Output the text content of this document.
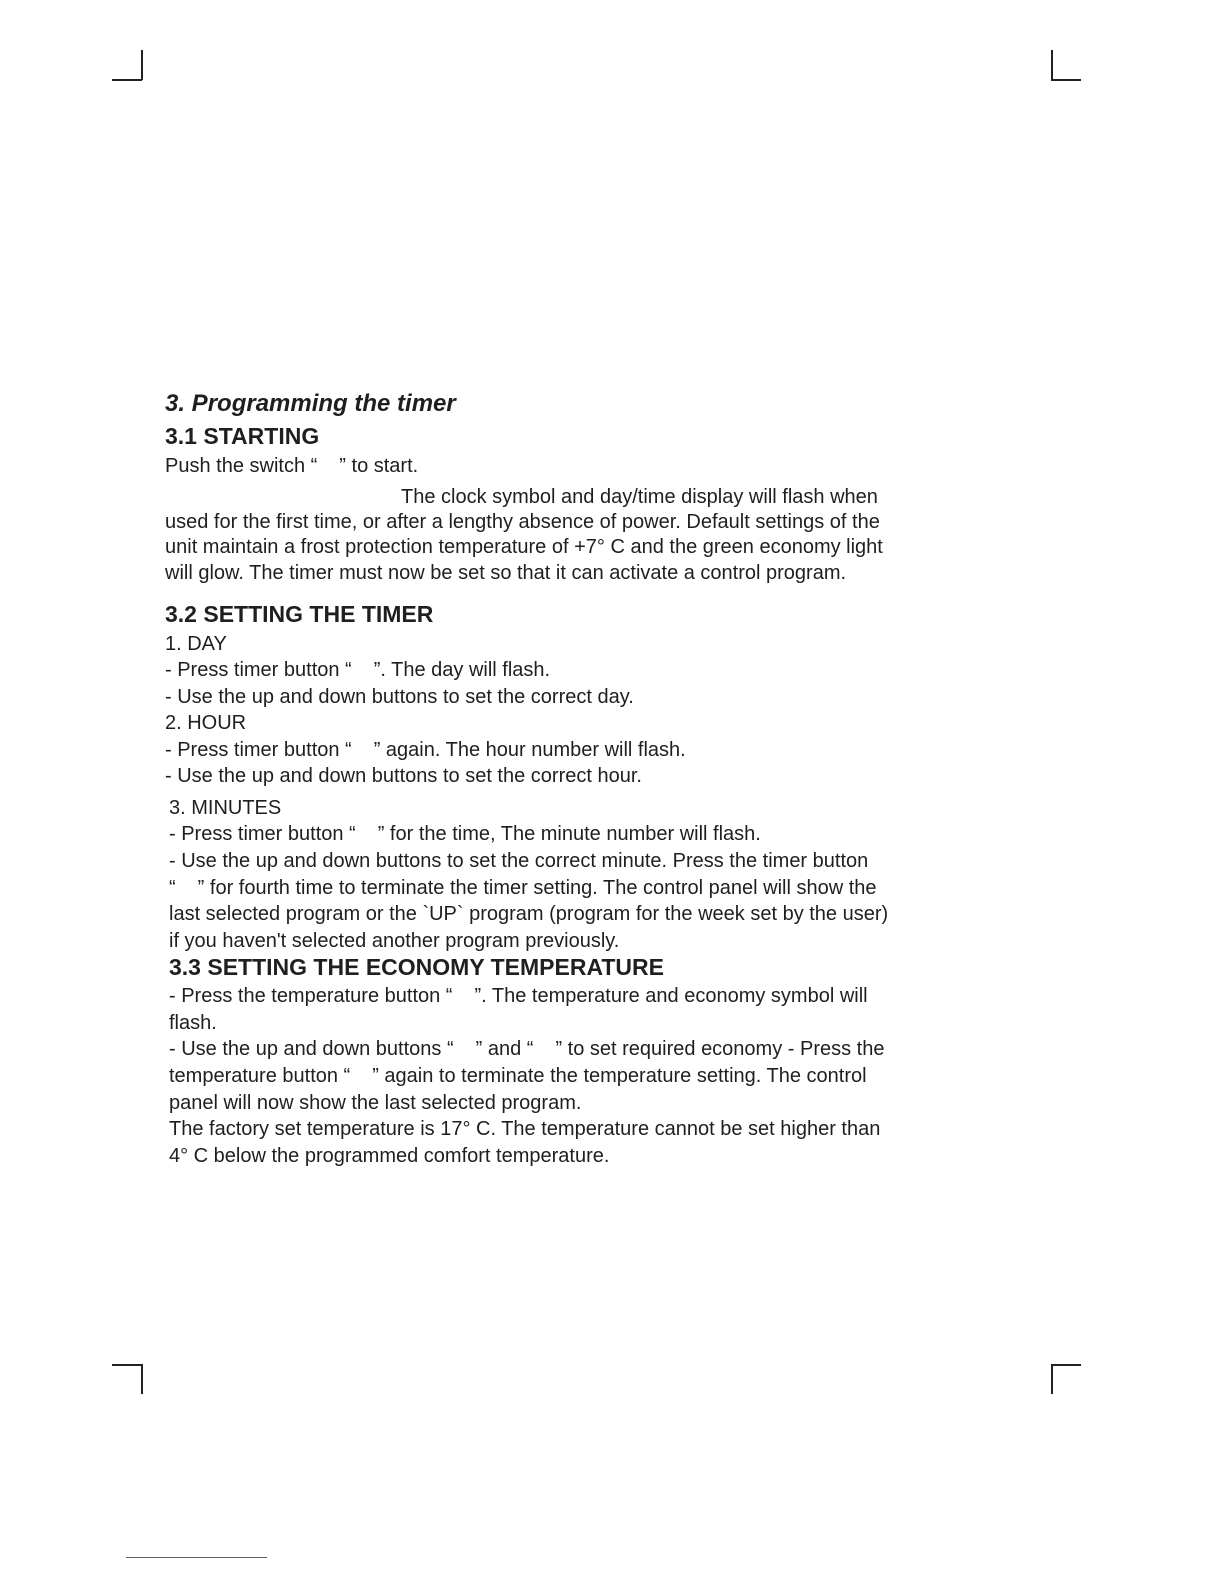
3. Programming the timer
3.1 STARTING
Push the switch “ ” to start.
The clock symbol and day/time display will flash when
used for the first time, or after a lengthy absence of power. Default settings of the
unit maintain a frost protection temperature of +7° C and the green economy light
will glow. The timer must now be set so that it can activate a control program.
3.2 SETTING THE TIMER
1. DAY
- Press timer button “ ”. The day will flash.
- Use the up and down buttons to set the correct day.
2. HOUR
- Press timer button “ ” again. The hour number will flash.
- Use the up and down buttons to set the correct hour.
3. MINUTES
- Press timer button “ ” for the time, The minute number will flash.
- Use the up and down buttons to set the correct minute. Press the timer button
“ ” for fourth time to terminate the timer setting. The control panel will show the
last selected program or the `UP` program (program for the week set by the user)
if you haven't selected another program previously.
3.3 SETTING THE ECONOMY TEMPERATURE
- Press the temperature button “ ”. The temperature and economy symbol will
flash.
- Use the up and down buttons “ ” and “ ” to set required economy - Press the
temperature button “ ” again to terminate the temperature setting. The control
panel will now show the last selected program.
The factory set temperature is 17° C. The temperature cannot be set higher than
4° C below the programmed comfort temperature.
